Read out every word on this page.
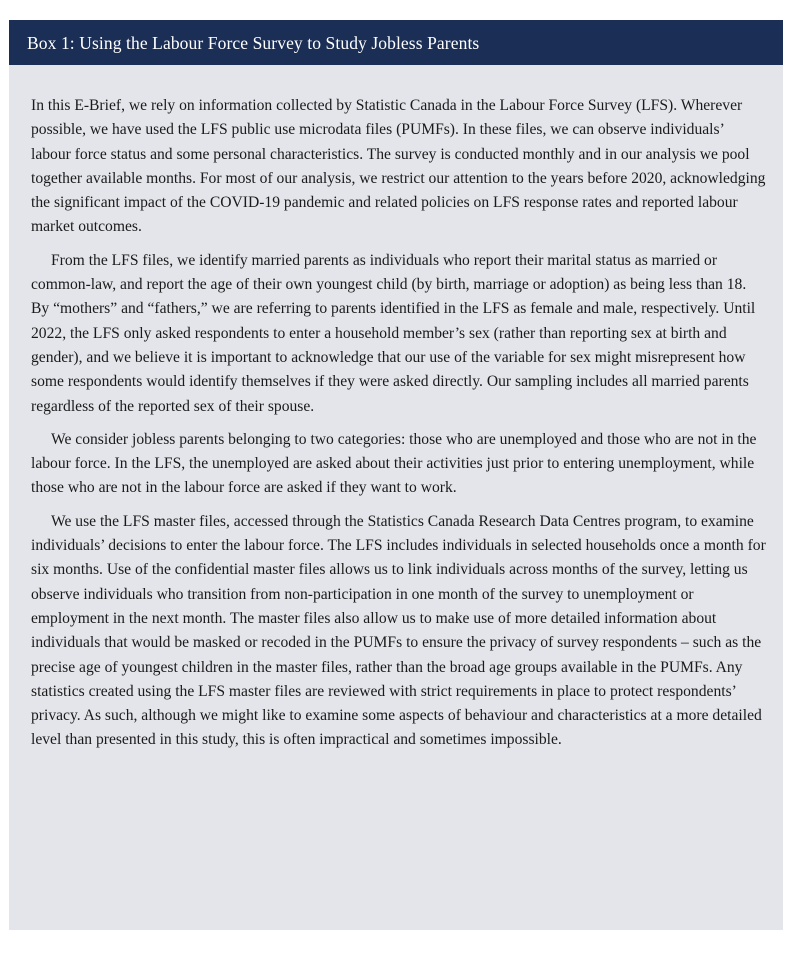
Box 1: Using the Labour Force Survey to Study Jobless Parents

In this E-Brief, we rely on information collected by Statistic Canada in the Labour Force Survey (LFS). Wherever possible, we have used the LFS public use microdata files (PUMFs). In these files, we can observe individuals’ labour force status and some personal characteristics. The survey is conducted monthly and in our analysis we pool together available months. For most of our analysis, we restrict our attention to the years before 2020, acknowledging the significant impact of the COVID-19 pandemic and related policies on LFS response rates and reported labour market outcomes.

From the LFS files, we identify married parents as individuals who report their marital status as married or common-law, and report the age of their own youngest child (by birth, marriage or adoption) as being less than 18. By “mothers” and “fathers,” we are referring to parents identified in the LFS as female and male, respectively. Until 2022, the LFS only asked respondents to enter a household member’s sex (rather than reporting sex at birth and gender), and we believe it is important to acknowledge that our use of the variable for sex might misrepresent how some respondents would identify themselves if they were asked directly. Our sampling includes all married parents regardless of the reported sex of their spouse.

We consider jobless parents belonging to two categories: those who are unemployed and those who are not in the labour force. In the LFS, the unemployed are asked about their activities just prior to entering unemployment, while those who are not in the labour force are asked if they want to work.

We use the LFS master files, accessed through the Statistics Canada Research Data Centres program, to examine individuals’ decisions to enter the labour force. The LFS includes individuals in selected households once a month for six months. Use of the confidential master files allows us to link individuals across months of the survey, letting us observe individuals who transition from non-participation in one month of the survey to unemployment or employment in the next month. The master files also allow us to make use of more detailed information about individuals that would be masked or recoded in the PUMFs to ensure the privacy of survey respondents – such as the precise age of youngest children in the master files, rather than the broad age groups available in the PUMFs. Any statistics created using the LFS master files are reviewed with strict requirements in place to protect respondents’ privacy. As such, although we might like to examine some aspects of behaviour and characteristics at a more detailed level than presented in this study, this is often impractical and sometimes impossible.
